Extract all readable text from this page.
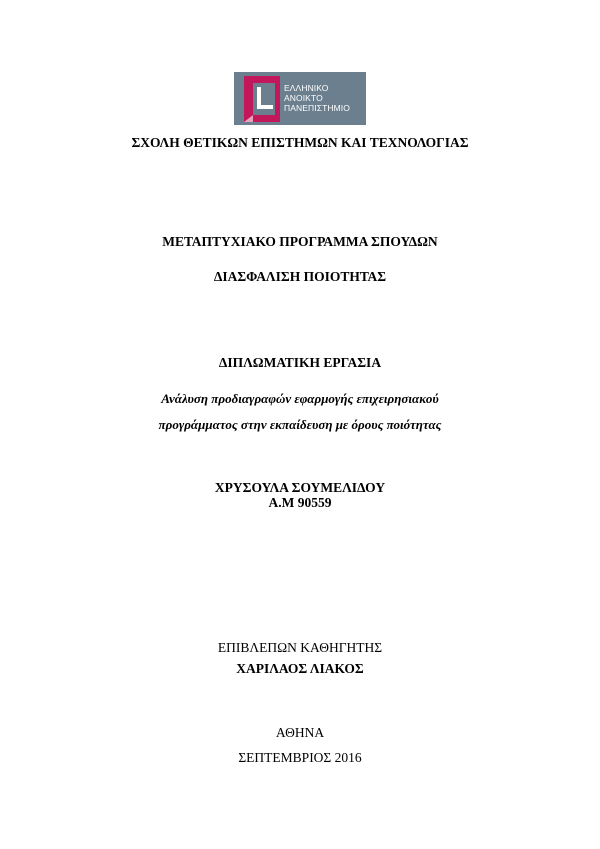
ΕΛΛΗΝΙΚΟ
ΑΝΟΙΚΤΟ
ΠΑΝΕΠΙΣΤΗΜΙΟ
ΣΧΟΛΗ ΘΕΤΙΚΩΝ ΕΠΙΣΤΗΜΩΝ ΚΑΙ ΤΕΧΝΟΛΟΓΙΑΣ
ΜΕΤΑΠΤΥΧΙΑΚΟ ΠΡΟΓΡΑΜΜΑ ΣΠΟΥΔΩΝ
ΔΙΑΣΦΑΛΙΣΗ ΠΟΙΟΤΗΤΑΣ
ΔΙΠΛΩΜΑΤΙΚΗ ΕΡΓΑΣΙΑ
Ανάλυση προδιαγραφών εφαρμογής επιχειρησιακού
προγράμματος στην εκπαίδευση με όρους ποιότητας
ΧΡΥΣΟΥΛΑ ΣΟΥΜΕΛΙΔΟΥ
Α.Μ 90559
ΕΠΙΒΛΕΠΩΝ ΚΑΘΗΓΗΤΗΣ
ΧΑΡΙΛΑΟΣ ΛΙΑΚΟΣ
ΑΘΗΝΑ
ΣΕΠΤΕΜΒΡΙΟΣ 2016
